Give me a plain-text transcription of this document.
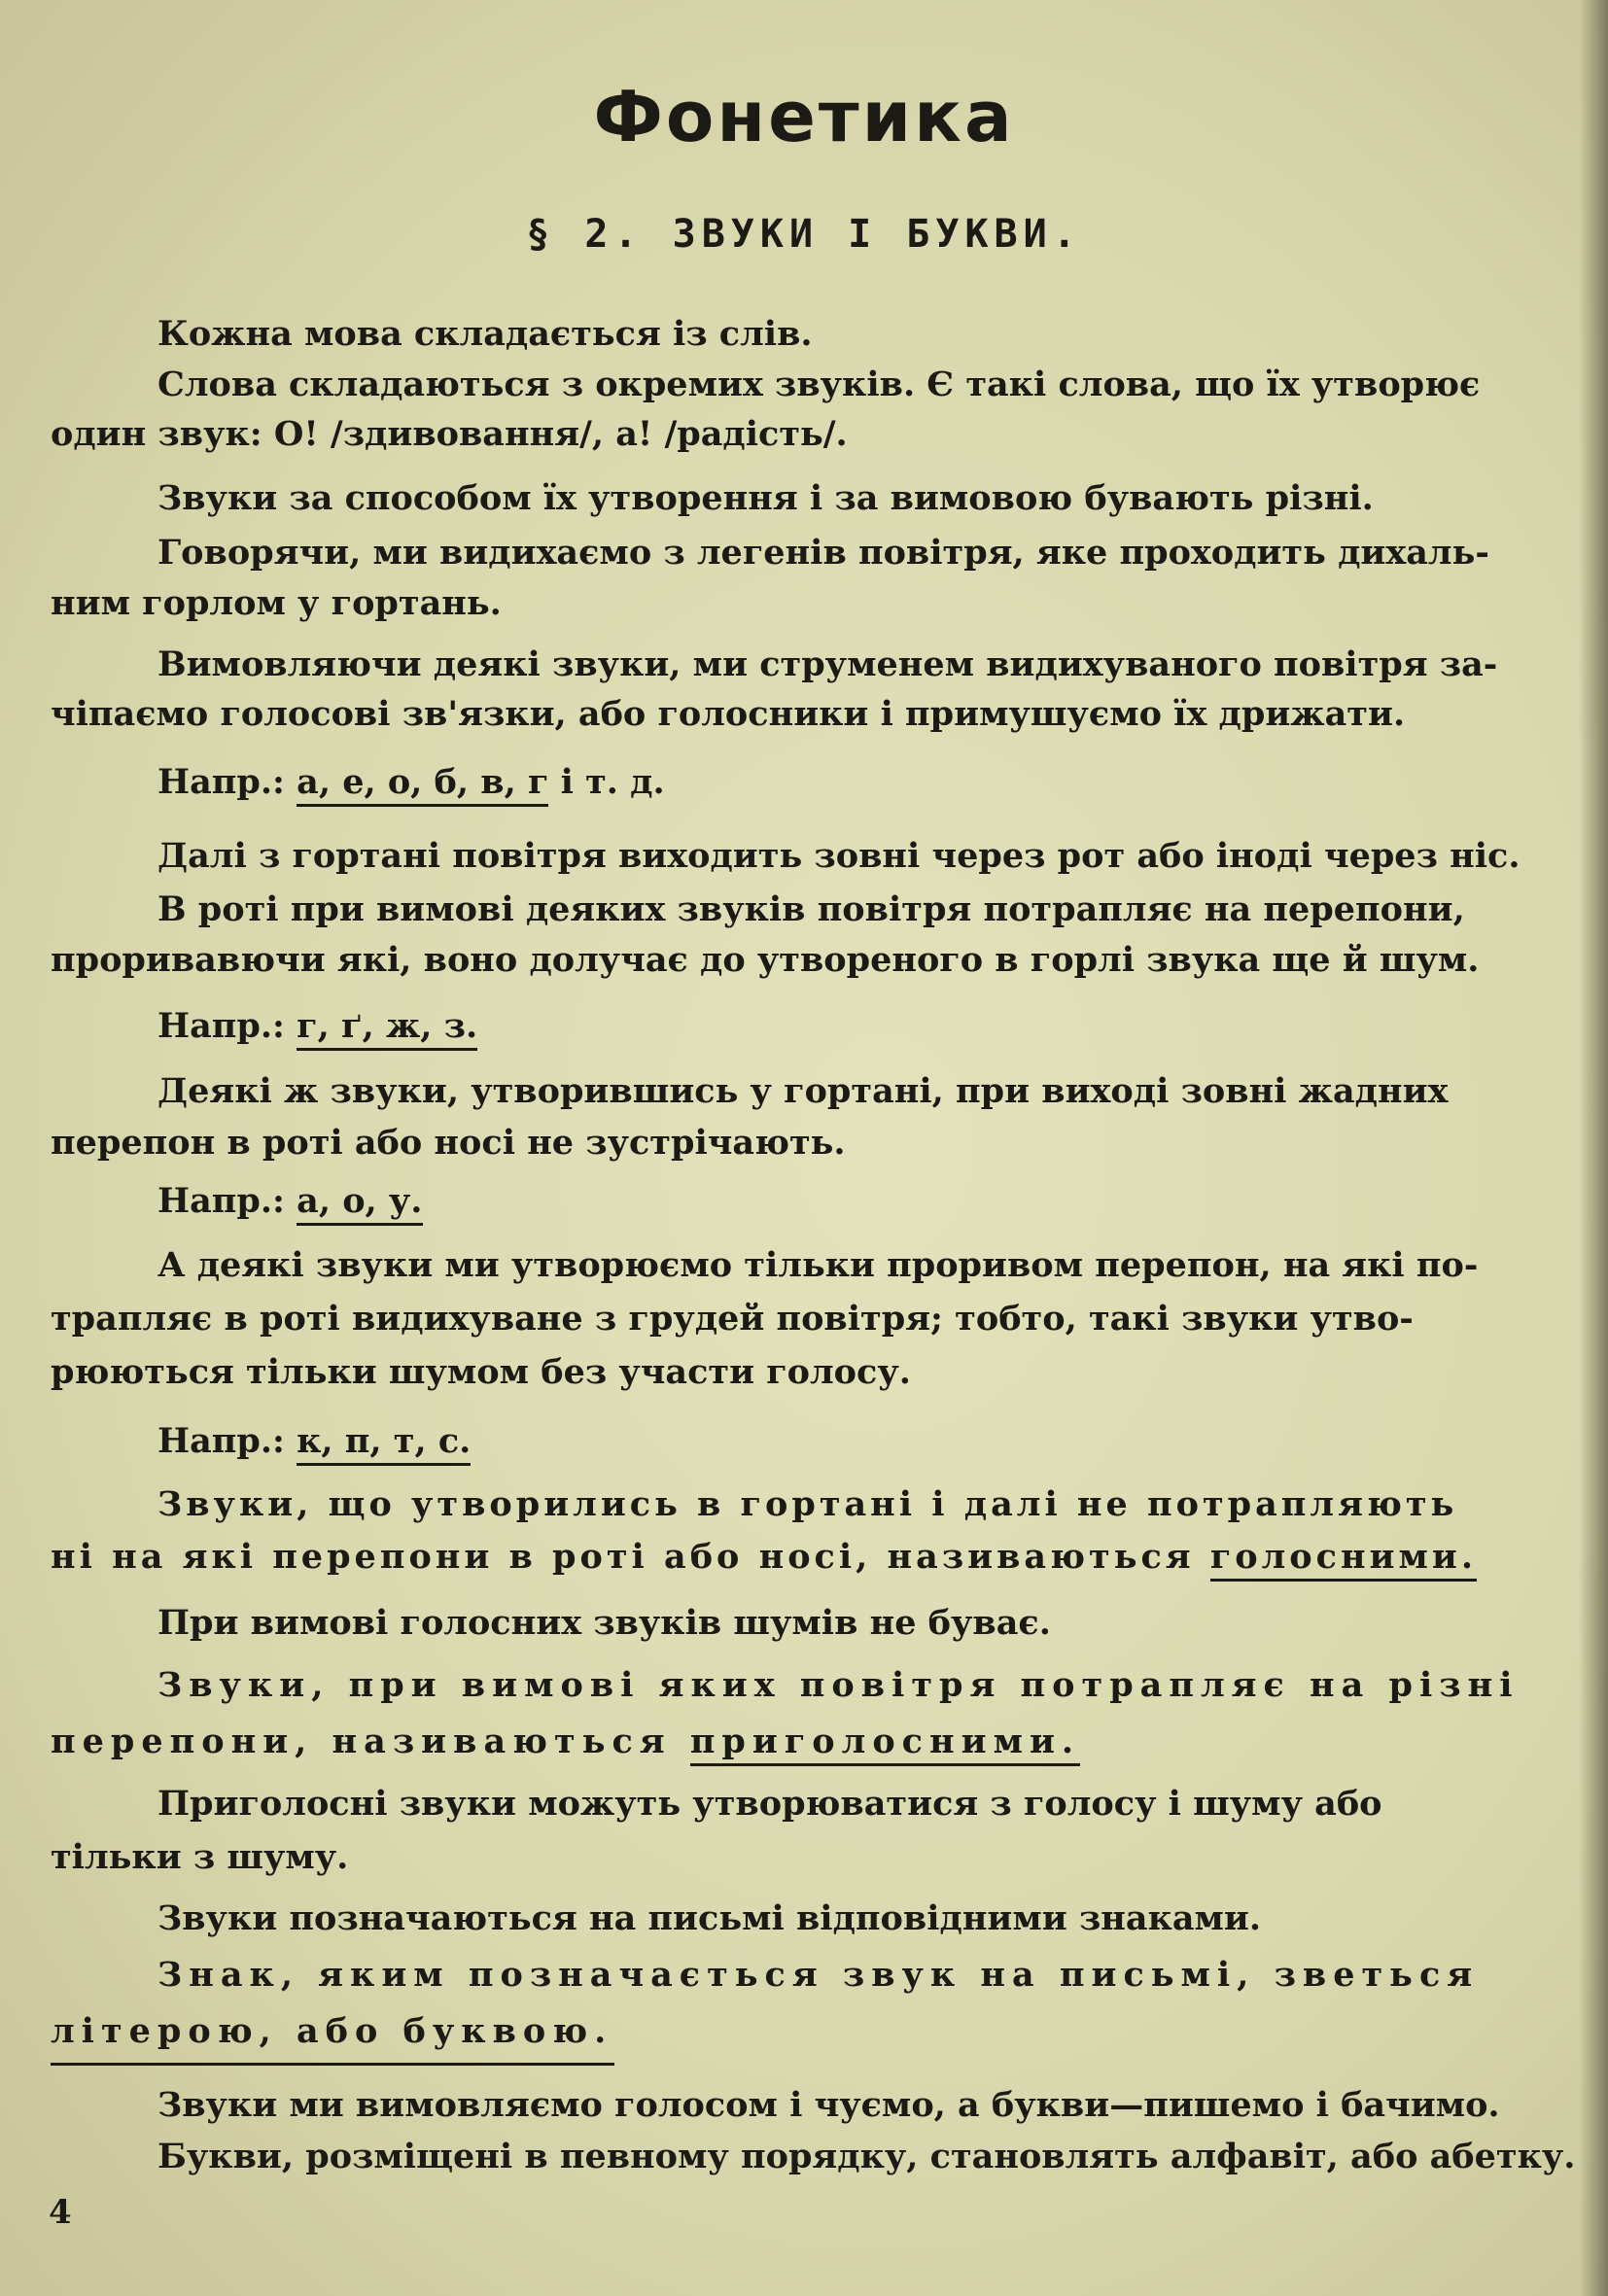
Фонетика
§ 2. ЗВУКИ І БУКВИ.
Кожна мова складається із слів.
Слова складаються з окремих звуків. Є такі слова, що їх утворює
один звук: О! /здивовання/, а! /радість/.
Звуки за способом їх утворення і за вимовою бувають різні.
Говорячи, ми видихаємо з легенів повітря, яке проходить дихаль-
ним горлом у гортань.
Вимовляючи деякі звуки, ми струменем видихуваного повітря за-
чіпаємо голосові зв'язки, або голосники і примушуємо їх дрижати.
Напр.: а, е, о, б, в, г і т. д.
Далі з гортані повітря виходить зовні через рот або іноді через ніс.
В роті при вимові деяких звуків повітря потрапляє на перепони,
проривавючи які, воно долучає до утвореного в горлі звука ще й шум.
Напр.: г, ґ, ж, з.
Деякі ж звуки, утворившись у гортані, при виході зовні жадних
перепон в роті або носі не зустрічають.
Напр.: а, о, у.
А деякі звуки ми утворюємо тільки проривом перепон, на які по-
трапляє в роті видихуване з грудей повітря; тобто, такі звуки утво-
рюються тільки шумом без участи голосу.
Напр.: к, п, т, с.
Звуки, що утворились в гортані і далі не потрапляють
ні на які перепони в роті або носі, називаються голосними.
При вимові голосних звуків шумів не буває.
Звуки, при вимові яких повітря потрапляє на різні
перепони, називаються приголосними.
Приголосні звуки можуть утворюватися з голосу і шуму або
тільки з шуму.
Звуки позначаються на письмі відповідними знаками.
Знак, яким позначається звук на письмі, зветься
літерою, або буквою.
Звуки ми вимовляємо голосом і чуємо, а букви—пишемо і бачимо.
Букви, розміщені в певному порядку, становлять алфавіт, або абетку.
4
